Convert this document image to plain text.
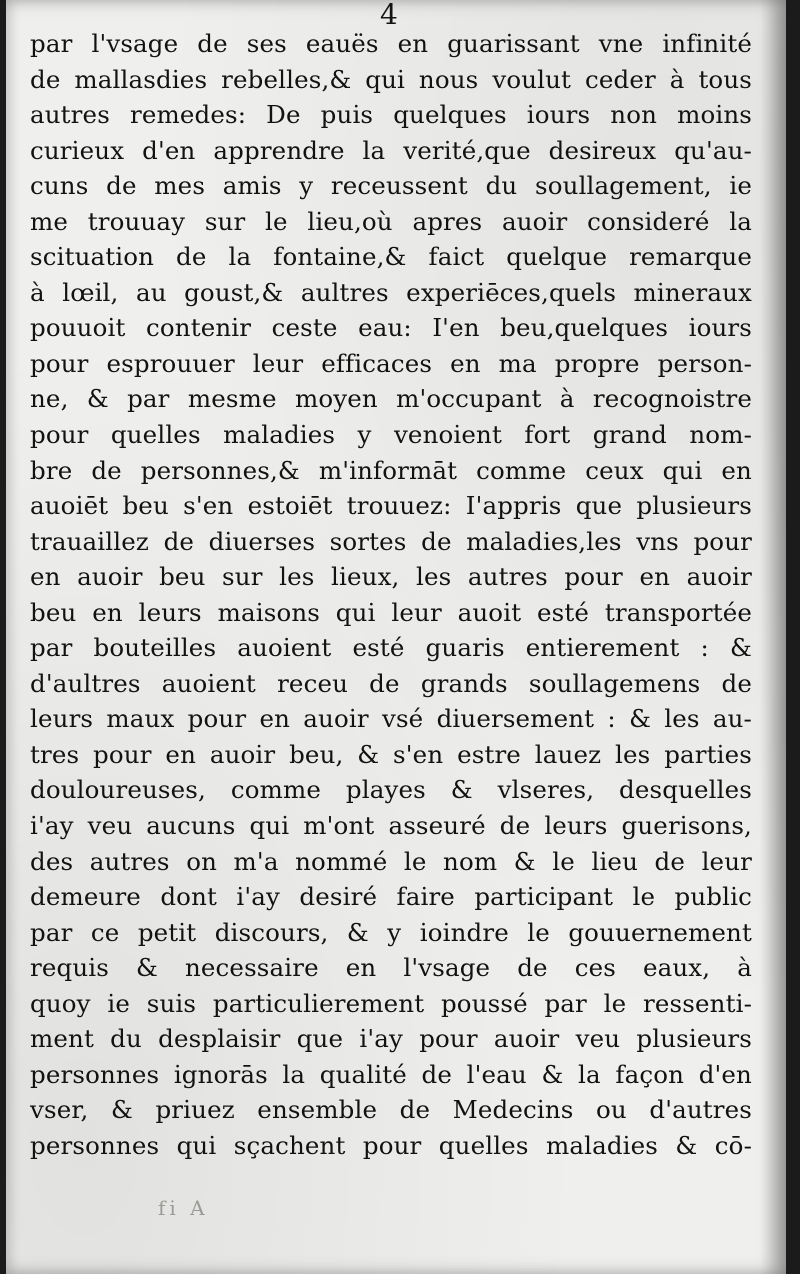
4
par l'vsage de ses eauës en guarissant vne infinité
de mallasdies rebelles,& qui nous voulut ceder à tous
autres remedes: De puis quelques iours non moins
curieux d'en apprendre la verité,que desireux qu'au-
cuns de mes amis y receussent du soullagement, ie
me trouuay sur le lieu,où apres auoir consideré la
scituation de la fontaine,& faict quelque remarque
à lœil, au goust,& aultres experiēces,quels mineraux
pouuoit contenir ceste eau: I'en beu,quelques iours
pour esprouuer leur efficaces en ma propre person-
ne, & par mesme moyen m'occupant à recognoistre
pour quelles maladies y venoient fort grand nom-
bre de personnes,& m'informāt comme ceux qui en
auoiēt beu s'en estoiēt trouuez: I'appris que plusieurs
trauaillez de diuerses sortes de maladies,les vns pour
en auoir beu sur les lieux, les autres pour en auoir
beu en leurs maisons qui leur auoit esté transportée
par bouteilles auoient esté guaris entierement : &
d'aultres auoient receu de grands soullagemens de
leurs maux pour en auoir vsé diuersement : & les au-
tres pour en auoir beu, & s'en estre lauez les parties
douloureuses, comme playes & vlseres, desquelles
i'ay veu aucuns qui m'ont asseuré de leurs guerisons,
des autres on m'a nommé le nom & le lieu de leur
demeure dont i'ay desiré faire participant le public
par ce petit discours, & y ioindre le gouuernement
requis & necessaire en l'vsage de ces eaux, à
quoy ie suis particulierement poussé par le ressenti-
ment du desplaisir que i'ay pour auoir veu plusieurs
personnes ignorās la qualité de l'eau & la façon d'en
vser, & priuez ensemble de Medecins ou d'autres
personnes qui sçachent pour quelles maladies & cō-
fi A
